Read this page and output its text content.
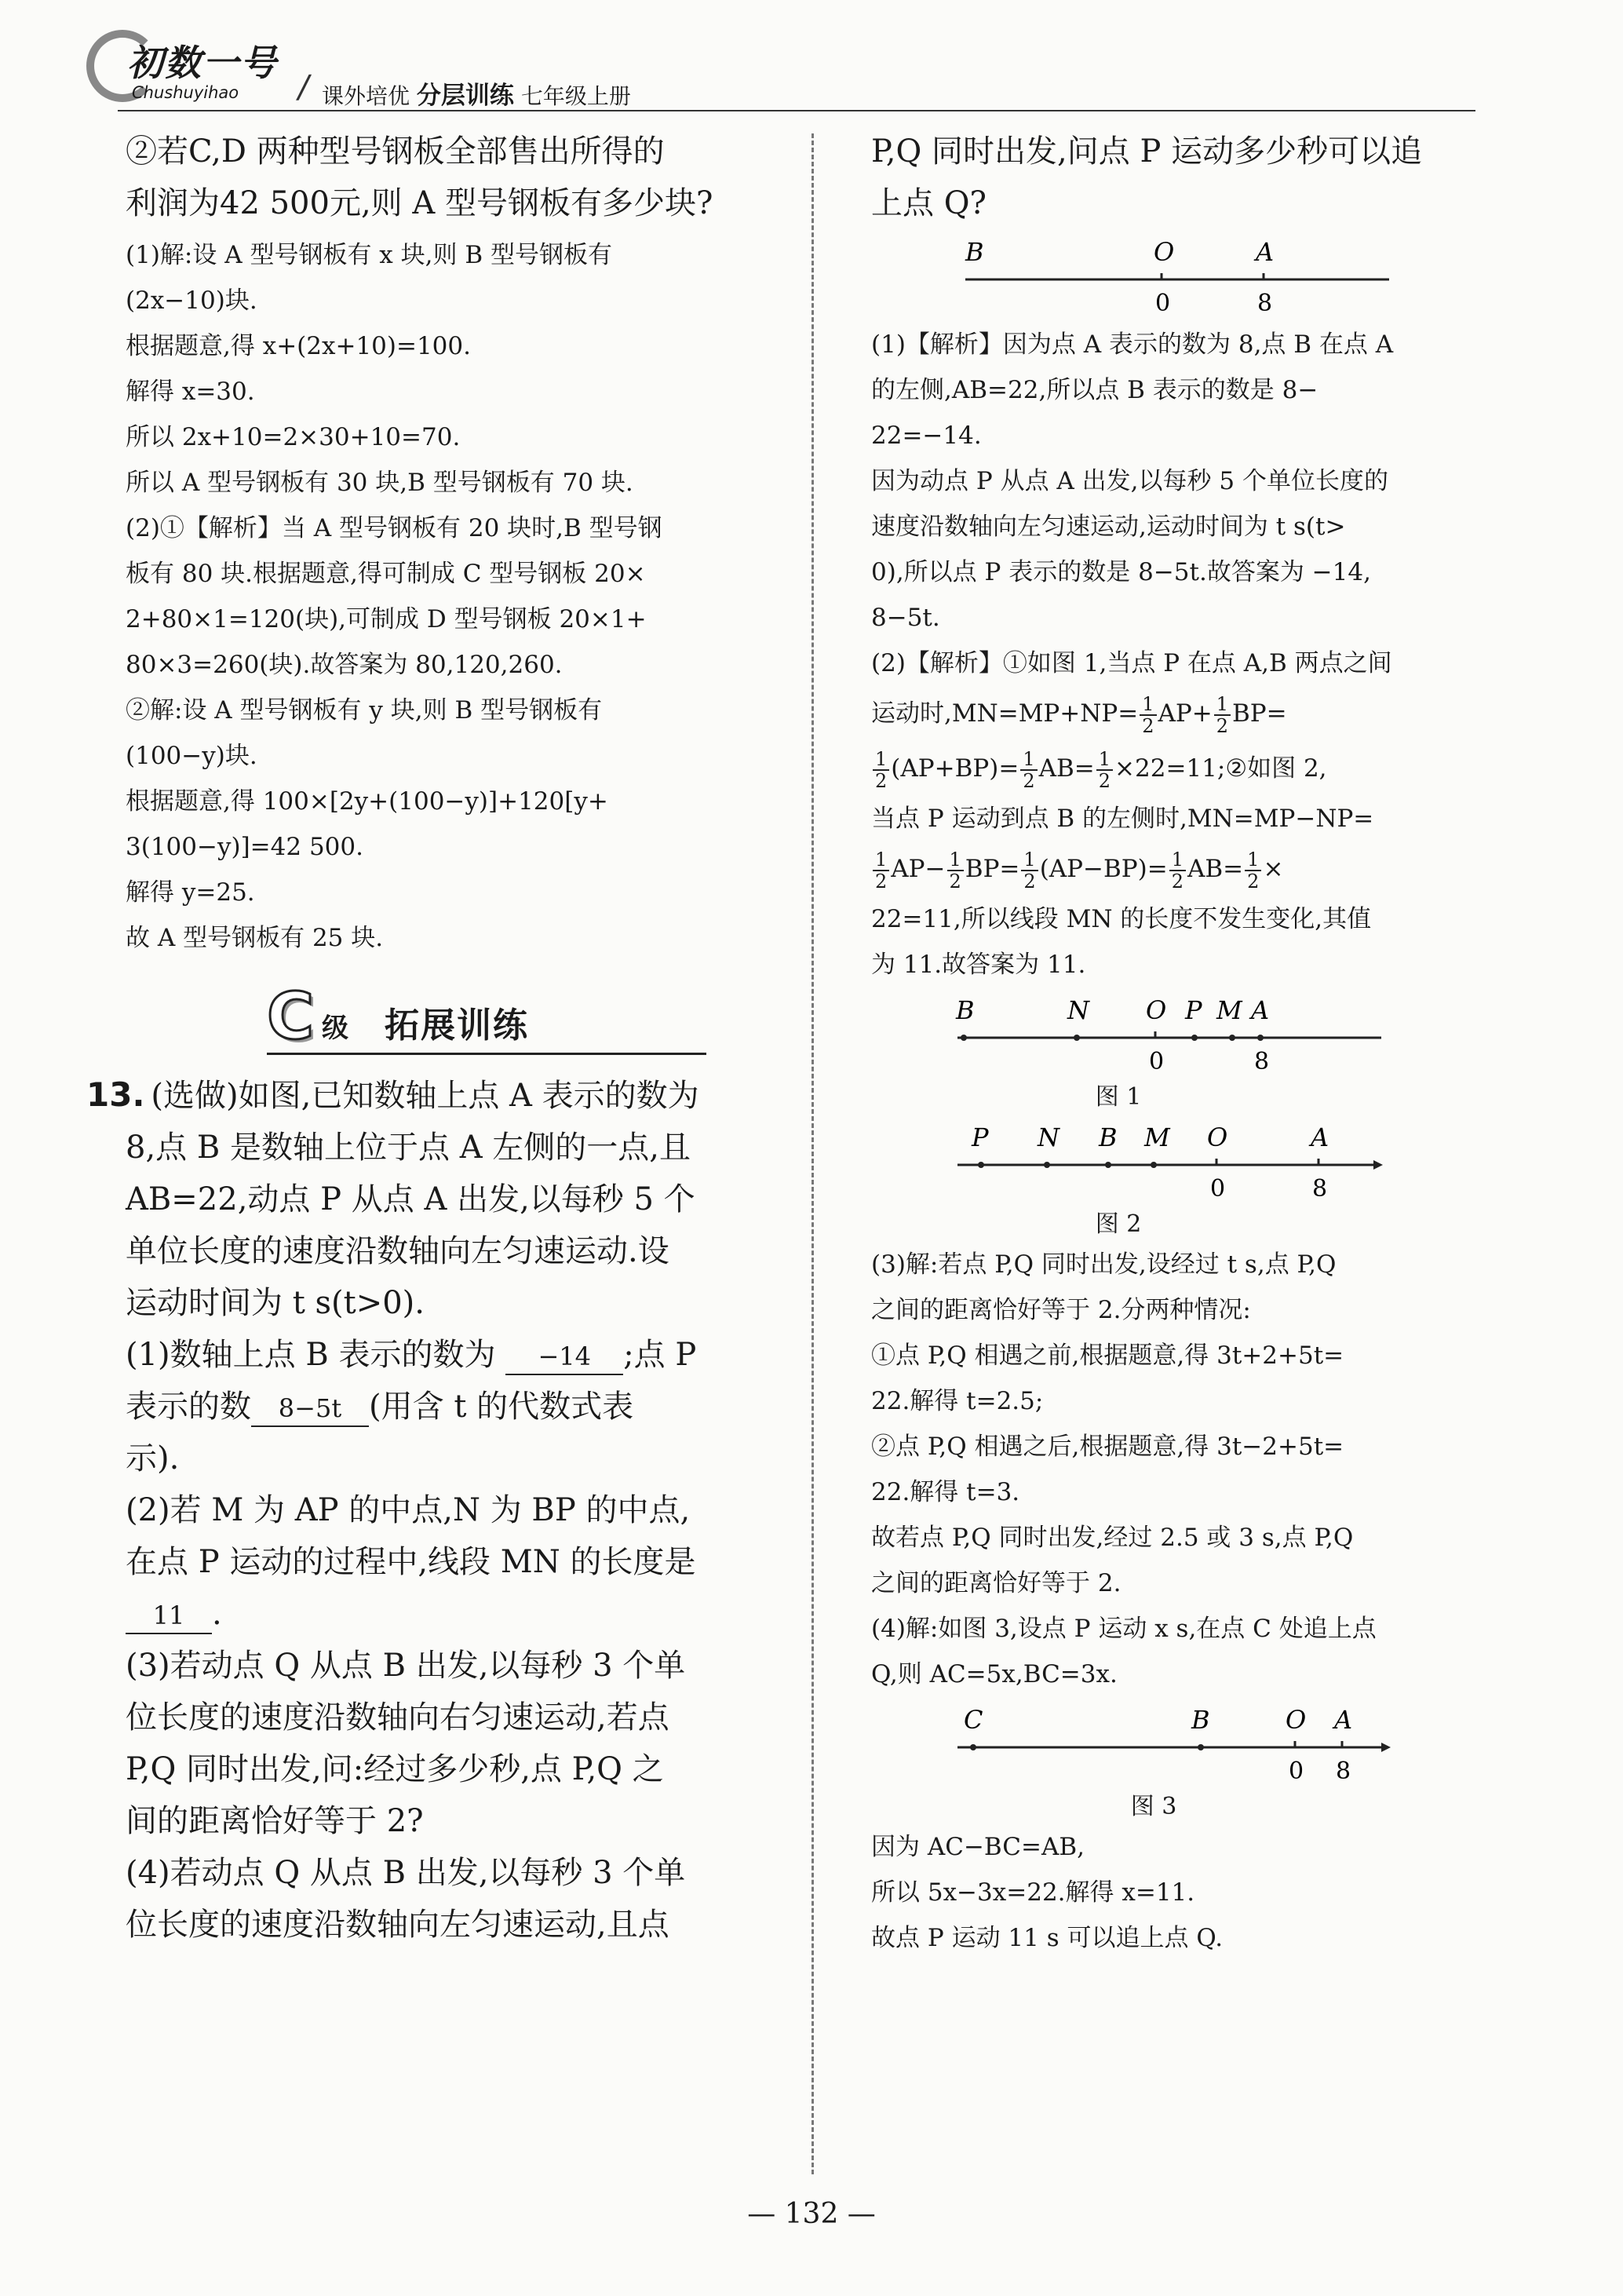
初数一号
Chushuyihao ∕ 课外培优 分层训练 七年级上册

②若C,D 两种型号钢板全部售出所得的

利润为42 500元,则 A 型号钢板有多少块?

(1)解:设 A 型号钢板有 x 块,则 B 型号钢板有

(2x−10)块.

根据题意,得 x+(2x+10)=100.

解得 x=30.

所以 2x+10=2×30+10=70.

所以 A 型号钢板有 30 块,B 型号钢板有 70 块.

(2)①【解析】当 A 型号钢板有 20 块时,B 型号钢

板有 80 块.根据题意,得可制成 C 型号钢板 20×

2+80×1=120(块),可制成 D 型号钢板 20×1+

80×3=260(块).故答案为 80,120,260.

②解:设 A 型号钢板有 y 块,则 B 型号钢板有

(100−y)块.

根据题意,得 100×[2y+(100−y)]+120[y+

3(100−y)]=42 500.

解得 y=25.

故 A 型号钢板有 25 块.

C 级 拓展训练

13. (选做)如图,已知数轴上点 A 表示的数为

8,点 B 是数轴上位于点 A 左侧的一点,且

AB=22,动点 P 从点 A 出发,以每秒 5 个

单位长度的速度沿数轴向左匀速运动.设

运动时间为 t s(t>0).

(1)数轴上点 B 表示的数为 −14 ;点 P

表示的数 8−5t (用含 t 的代数式表

示).

(2)若 M 为 AP 的中点,N 为 BP 的中点,

在点 P 运动的过程中,线段 MN 的长度是

11 .

(3)若动点 Q 从点 B 出发,以每秒 3 个单

位长度的速度沿数轴向右匀速运动,若点

P,Q 同时出发,问:经过多少秒,点 P,Q 之

间的距离恰好等于 2?

(4)若动点 Q 从点 B 出发,以每秒 3 个单

位长度的速度沿数轴向左匀速运动,且点

P,Q 同时出发,问点 P 运动多少秒可以追

上点 Q?

B	O	A
0	8

(1)【解析】因为点 A 表示的数为 8,点 B 在点 A

的左侧,AB=22,所以点 B 表示的数是 8−

22=−14.

因为动点 P 从点 A 出发,以每秒 5 个单位长度的

速度沿数轴向左匀速运动,运动时间为 t s(t>

0),所以点 P 表示的数是 8−5t.故答案为 −14,

8−5t.

(2)【解析】①如图 1,当点 P 在点 A,B 两点之间

运动时$,MN=MP+NP= \frac{1}{2} AP+ \frac{1}{2} BP=$

$\frac{1}{2} (AP+BP)= \frac{1}{2} AB= \frac{1}{2}$ ×22=11;②如图 2,

当点 P 运动到点 B 的左侧时,MN=MP−NP=

$\frac{1}{2} AP- \frac{1}{2} BP= \frac{1}{2} (AP-BP)= \frac{1}{2} AB= \frac{1}{2}$ ×

22=11,所以线段 MN 的长度不发生变化,其值

为 11.故答案为 11.

B	N O P M A
0	8

图 1

P N B M O	A
0	8

图 2

(3)解:若点 P,Q 同时出发,设经过 t s,点 P,Q

之间的距离恰好等于 2.分两种情况:

①点 P,Q 相遇之前,根据题意,得 3t+2+5t=

22.解得 t=2.5;

②点 P,Q 相遇之后,根据题意,得 3t−2+5t=

22.解得 t=3.

故若点 P,Q 同时出发,经过 2.5 或 3 s,点 P,Q

之间的距离恰好等于 2.

(4)解:如图 3,设点 P 运动 x s,在点 C 处追上点

Q,则 AC=5x,BC=3x.

C	B	O A
0 8

图 3

因为 AC−BC=AB,

所以 5x−3x=22.解得 x=11.

故点 P 运动 11 s 可以追上点 Q.

— 132 —
